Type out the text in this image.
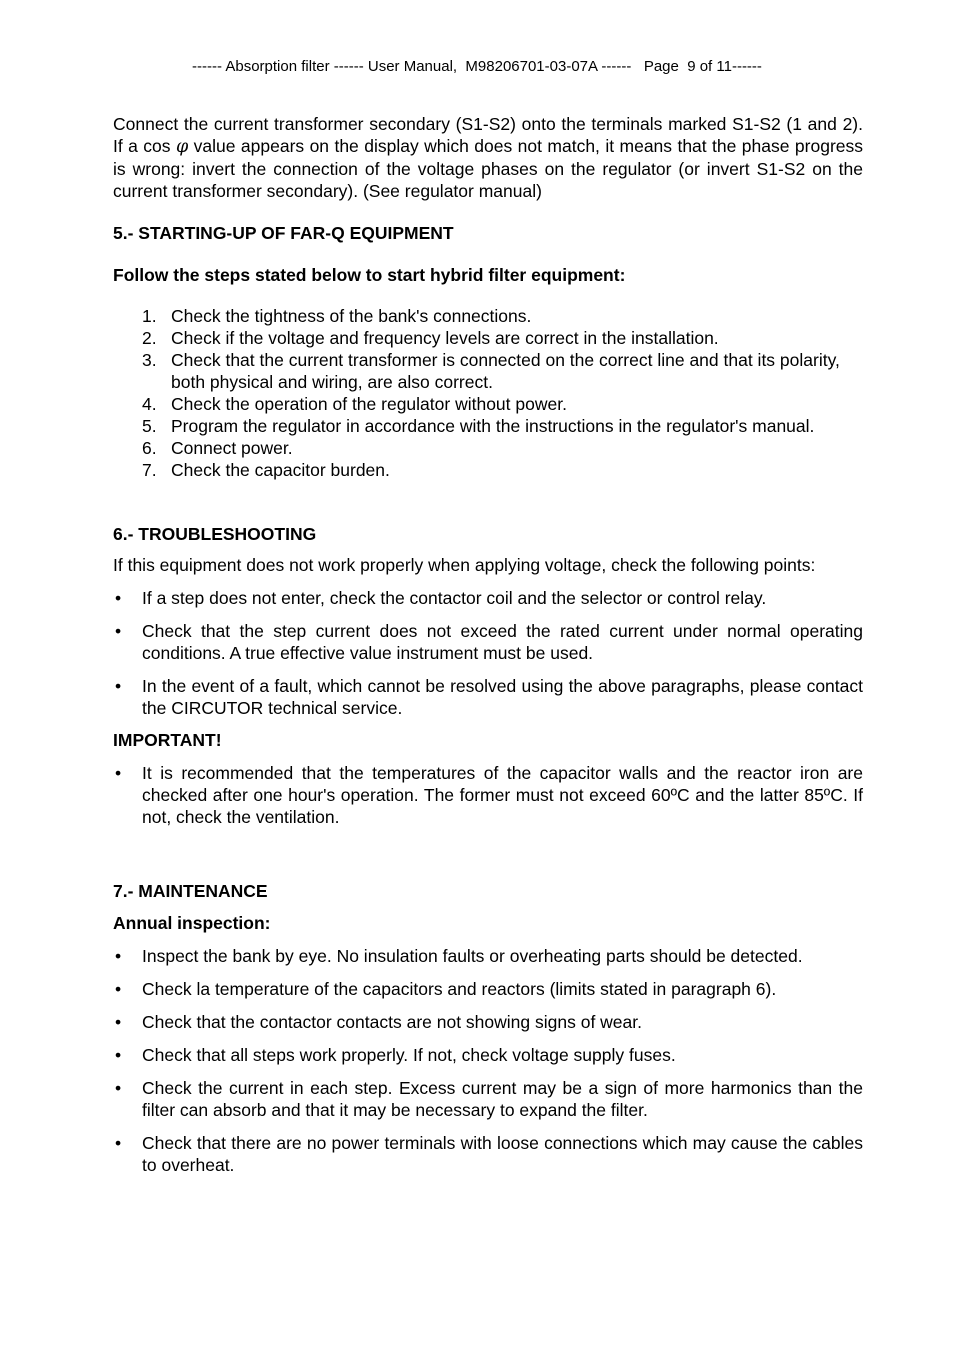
------ Absorption filter ------ User Manual,  M98206701-03-07A ------   Page  9 of 11------

Connect the current transformer secondary (S1-S2) onto the terminals marked S1-S2 (1 and 2). If a cos φ value appears on the display which does not match, it means that the phase progress is wrong: invert the connection of the voltage phases on the regulator (or invert S1-S2 on the current transformer secondary). (See regulator manual)

5.- STARTING-UP OF FAR-Q EQUIPMENT

Follow the steps stated below to start hybrid filter equipment:

1. Check the tightness of the bank's connections.
2. Check if the voltage and frequency levels are correct in the installation.
3. Check that the current transformer is connected on the correct line and that its polarity, both physical and wiring, are also correct.
4. Check the operation of the regulator without power.
5. Program the regulator in accordance with the instructions in the regulator's manual.
6. Connect power.
7. Check the capacitor burden.

6.- TROUBLESHOOTING

If this equipment does not work properly when applying voltage, check the following points:

• If a step does not enter, check the contactor coil and the selector or control relay.
• Check that the step current does not exceed the rated current under normal operating conditions. A true effective value instrument must be used.
• In the event of a fault, which cannot be resolved using the above paragraphs, please contact the CIRCUTOR technical service.

IMPORTANT!

• It is recommended that the temperatures of the capacitor walls and the reactor iron are checked after one hour's operation. The former must not exceed 60ºC and the latter 85ºC. If not, check the ventilation.

7.- MAINTENANCE

Annual inspection:

• Inspect the bank by eye. No insulation faults or overheating parts should be detected.
• Check la temperature of the capacitors and reactors (limits stated in paragraph 6).
• Check that the contactor contacts are not showing signs of wear.
• Check that all steps work properly. If not, check voltage supply fuses.
• Check the current in each step. Excess current may be a sign of more harmonics than the filter can absorb and that it may be necessary to expand the filter.
• Check that there are no power terminals with loose connections which may cause the cables to overheat.
